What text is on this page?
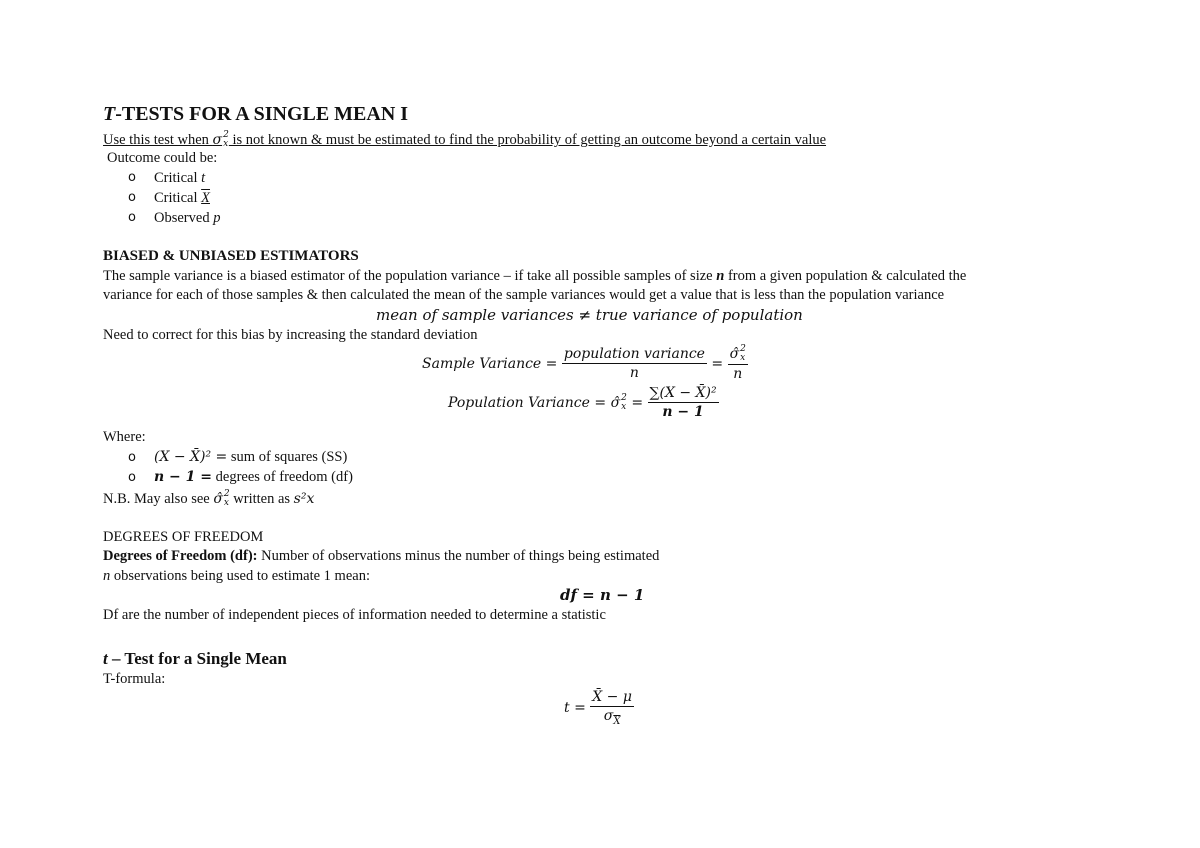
T-TESTS FOR A SINGLE MEAN I
Use this test when σ 2
x is not known & must be estimated to find the probability of getting an outcome beyond a certain value
Outcome could be:
o Critical t
o Critical X
o Observed p
BIASED & UNBIASED ESTIMATORS
The sample variance is a biased estimator of the population variance – if take all possible samples of size n from a given population & calculated the
variance for each of those samples & then calculated the mean of the sample variances would get a value that is less than the population variance
mean of sample variances ≠ true variance of population
Need to correct for this bias by increasing the standard deviation
Sample Variance =
$\frac{\text{population variance}}{n}$
=
σ̂ 2
x
n
Population Variance =
σ̂ 2
x
=
$\frac{\text{∑(X − X̄)²}}{n - 1}$
Where:
o (X − X̄)² = sum of squares (SS)
o n − 1 = degrees of freedom (df)
N.B. May also see σ̂ 2
x written as s²x
DEGREES OF FREEDOM
Degrees of Freedom (df): Number of observations minus the number of things being estimated
n observations being used to estimate 1 mean:
df = n − 1
Df are the number of independent pieces of information needed to determine a statistic
t – Test for a Single Mean
T-formula:
t =
$\frac{X̄ - \mu}{\sigma_{\overline{X}}}$
